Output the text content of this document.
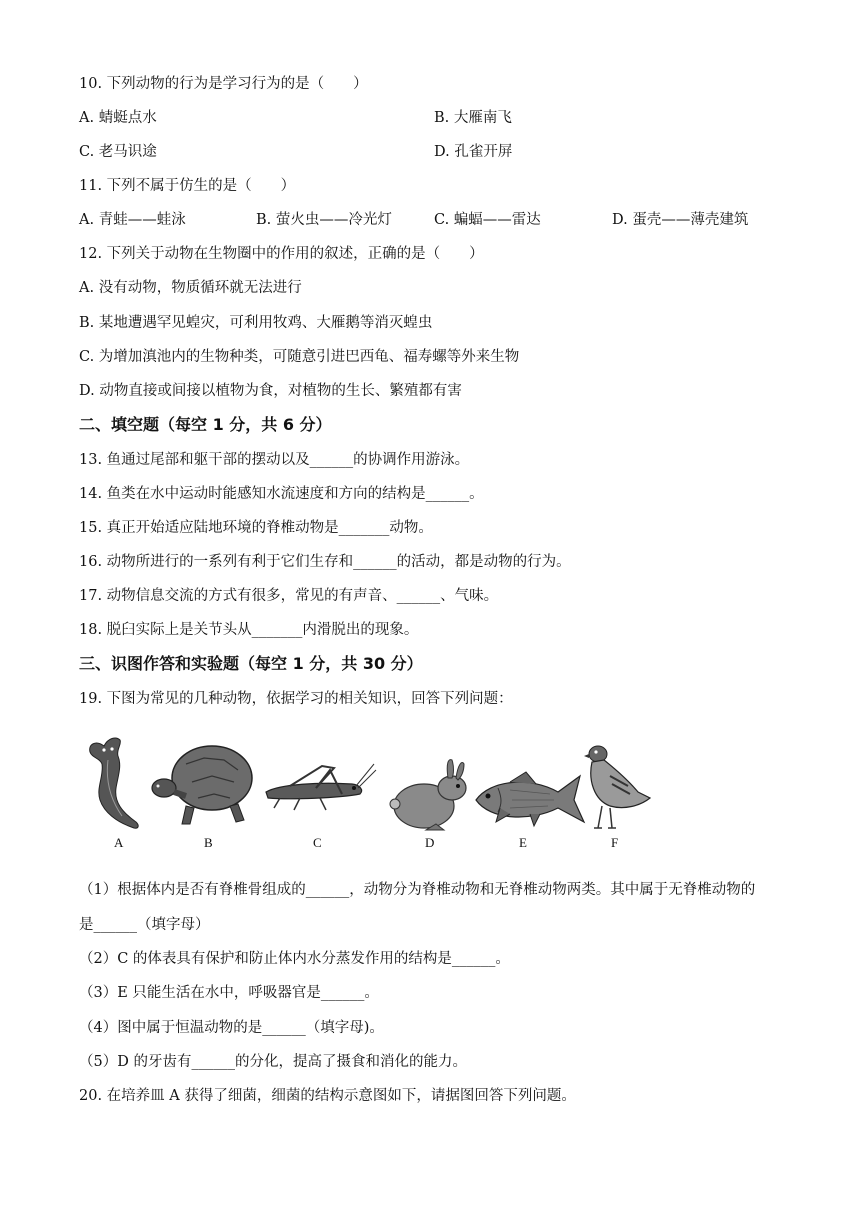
10. 下列动物的行为是学习行为的是（　　）
A. 蜻蜓点水	B. 大雁南飞
C. 老马识途	D. 孔雀开屏
11. 下列不属于仿生的是（　　）
A. 青蛙——蛙泳	B. 萤火虫——冷光灯	C. 蝙蝠——雷达	D. 蛋壳——薄壳建筑
12. 下列关于动物在生物圈中的作用的叙述，正确的是（　　）
A. 没有动物，物质循环就无法进行
B. 某地遭遇罕见蝗灾，可利用牧鸡、大雁鹅等消灭蝗虫
C. 为增加滇池内的生物种类，可随意引进巴西龟、福寿螺等外来生物
D. 动物直接或间接以植物为食，对植物的生长、繁殖都有害
二、填空题（每空 1 分，共 6 分）
13. 鱼通过尾部和躯干部的摆动以及______的协调作用游泳。
14. 鱼类在水中运动时能感知水流速度和方向的结构是______。
15. 真正开始适应陆地环境的脊椎动物是_______动物。
16. 动物所进行的一系列有利于它们生存和______的活动，都是动物的行为。
17. 动物信息交流的方式有很多，常见的有声音、______、气味。
18. 脱臼实际上是关节头从_______内滑脱出的现象。
三、识图作答和实验题（每空 1 分，共 30 分）
19. 下图为常见的几种动物，依据学习的相关知识，回答下列问题：
A	B	C	D	E	F
（1）根据体内是否有脊椎骨组成的______，动物分为脊椎动物和无脊椎动物两类。其中属于无脊椎动物的
是______（填字母）
（2）C 的体表具有保护和防止体内水分蒸发作用的结构是______。
（3）E 只能生活在水中，呼吸器官是______。
（4）图中属于恒温动物的是______（填字母)。
（5）D 的牙齿有______的分化，提高了摄食和消化的能力。
20. 在培养皿 A 获得了细菌，细菌的结构示意图如下，请据图回答下列问题。
